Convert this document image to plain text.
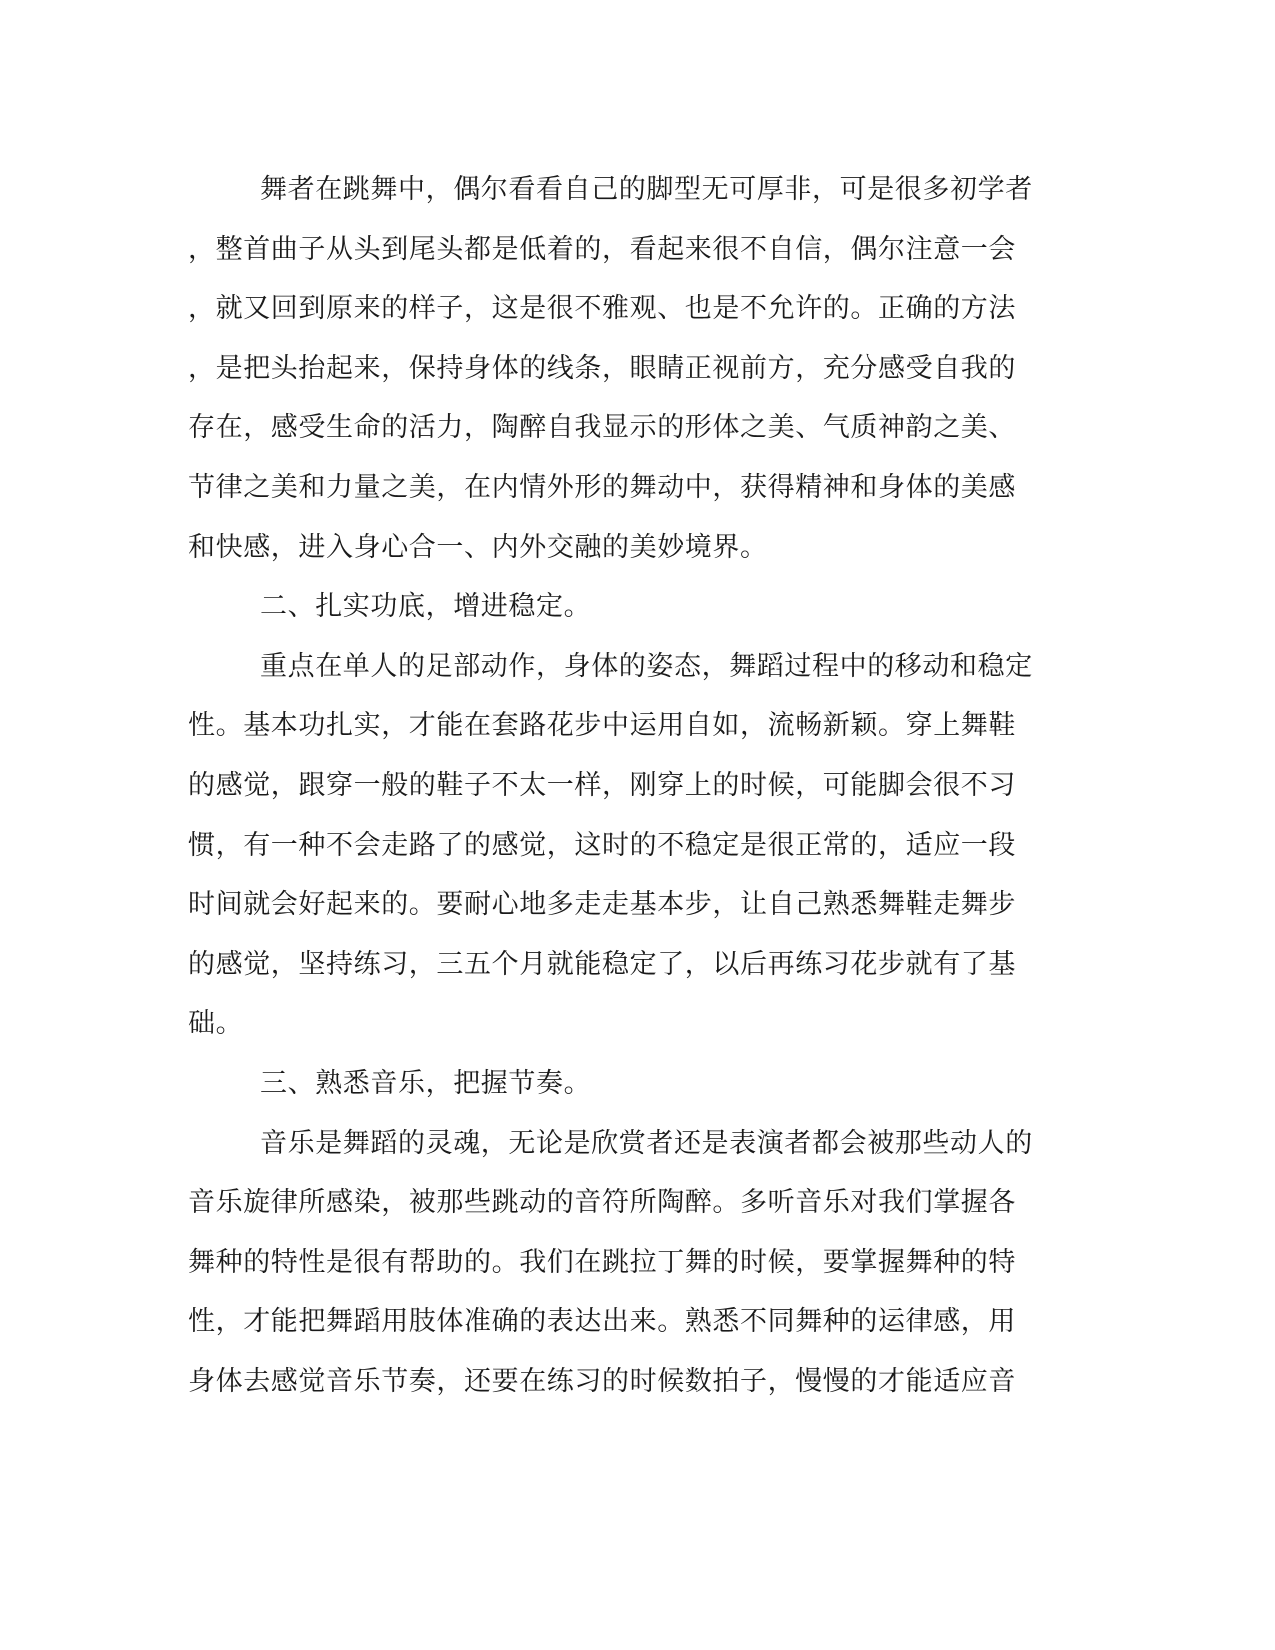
舞者在跳舞中，偶尔看看自己的脚型无可厚非，可是很多初学者
，整首曲子从头到尾头都是低着的，看起来很不自信，偶尔注意一会
，就又回到原来的样子，这是很不雅观、也是不允许的。正确的方法
，是把头抬起来，保持身体的线条，眼睛正视前方，充分感受自我的
存在，感受生命的活力，陶醉自我显示的形体之美、气质神韵之美、
节律之美和力量之美，在内情外形的舞动中，获得精神和身体的美感
和快感，进入身心合一、内外交融的美妙境界。
二、扎实功底，增进稳定。
重点在单人的足部动作，身体的姿态，舞蹈过程中的移动和稳定
性。基本功扎实，才能在套路花步中运用自如，流畅新颖。穿上舞鞋
的感觉，跟穿一般的鞋子不太一样，刚穿上的时候，可能脚会很不习
惯，有一种不会走路了的感觉，这时的不稳定是很正常的，适应一段
时间就会好起来的。要耐心地多走走基本步，让自己熟悉舞鞋走舞步
的感觉，坚持练习，三五个月就能稳定了，以后再练习花步就有了基
础。
三、熟悉音乐，把握节奏。
音乐是舞蹈的灵魂，无论是欣赏者还是表演者都会被那些动人的
音乐旋律所感染，被那些跳动的音符所陶醉。多听音乐对我们掌握各
舞种的特性是很有帮助的。我们在跳拉丁舞的时候，要掌握舞种的特
性，才能把舞蹈用肢体准确的表达出来。熟悉不同舞种的运律感，用
身体去感觉音乐节奏，还要在练习的时候数拍子，慢慢的才能适应音
